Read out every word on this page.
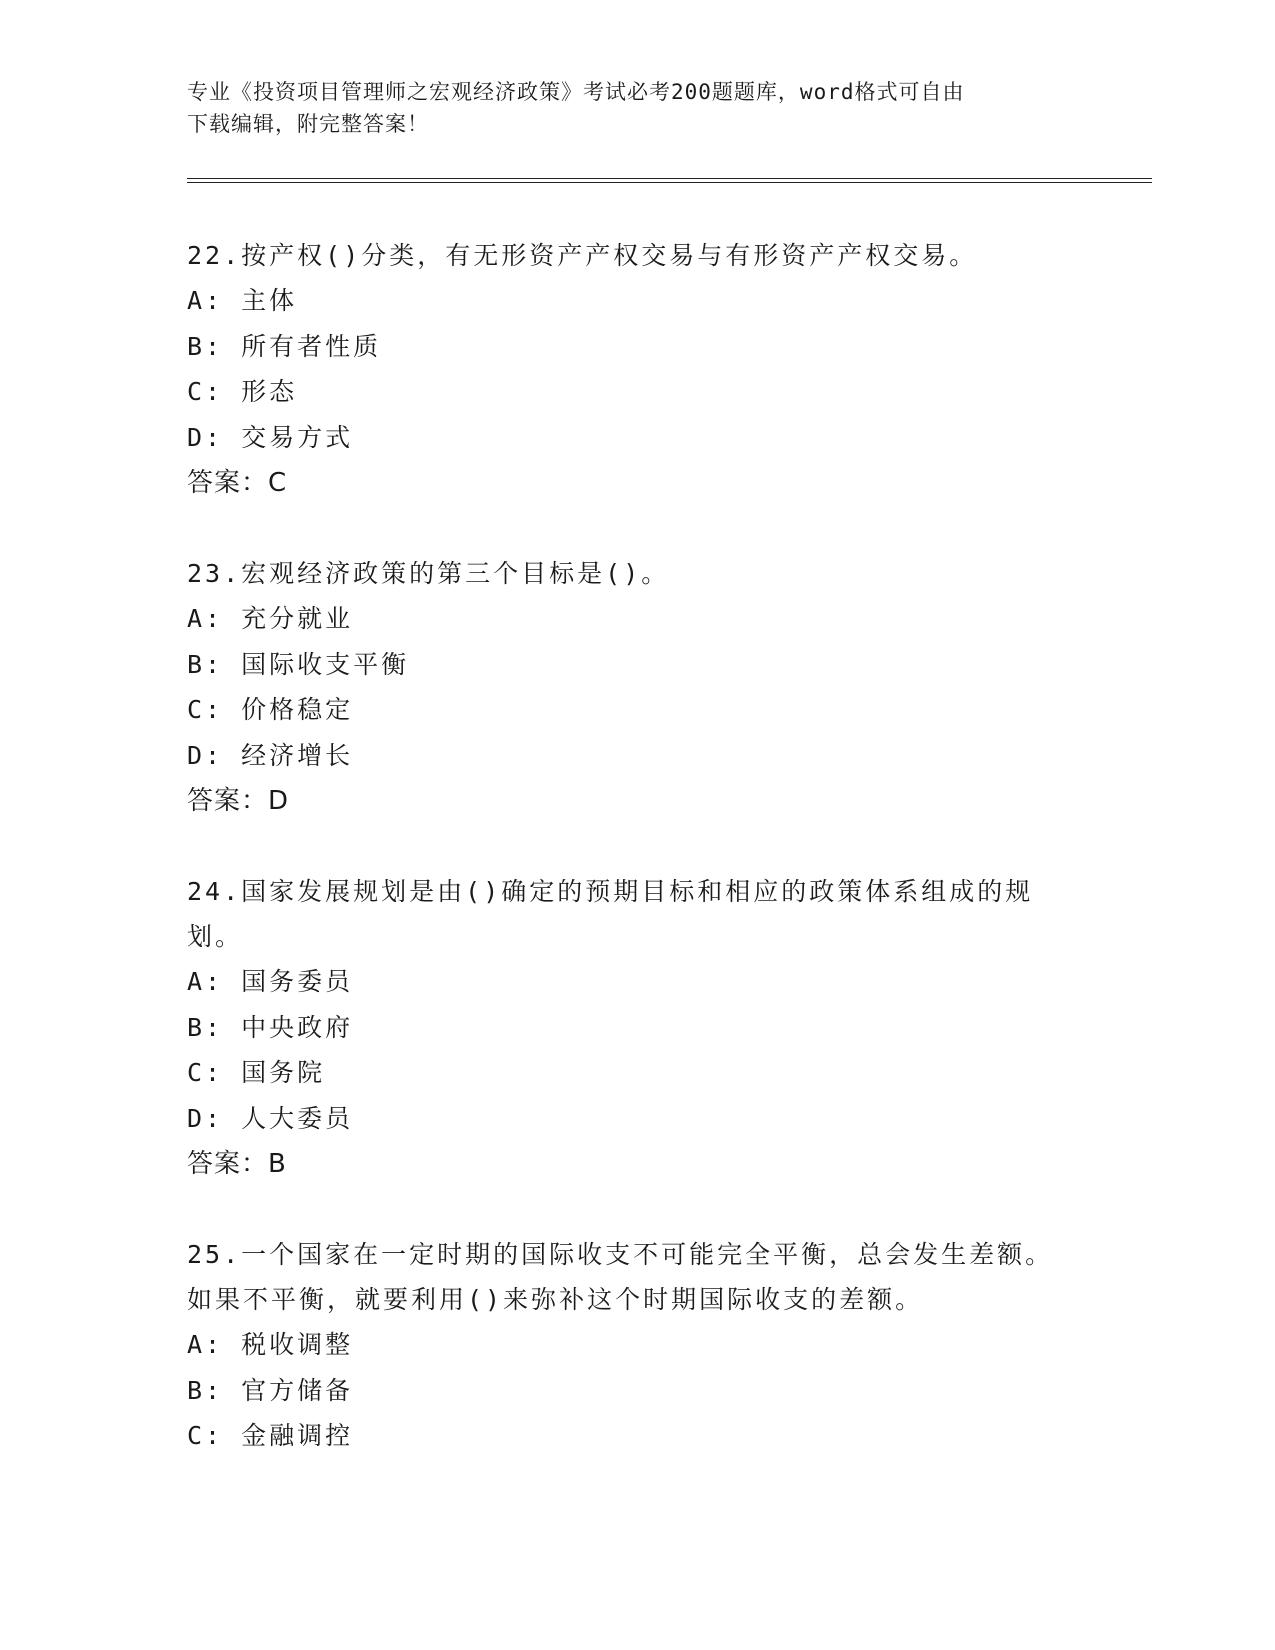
专业《投资项目管理师之宏观经济政策》考试必考200题题库，word格式可自由
下载编辑，附完整答案！

22.按产权()分类，有无形资产产权交易与有形资产产权交易。

A: 主体
B: 所有者性质
C: 形态
D: 交易方式
答案：C

23.宏观经济政策的第三个目标是()。

A: 充分就业
B: 国际收支平衡
C: 价格稳定
D: 经济增长
答案：D

24.国家发展规划是由()确定的预期目标和相应的政策体系组成的规划。

A: 国务委员
B: 中央政府
C: 国务院
D: 人大委员
答案：B

25.一个国家在一定时期的国际收支不可能完全平衡，总会发生差额。如果不平衡，就要利用()来弥补这个时期国际收支的差额。

A: 税收调整
B: 官方储备
C: 金融调控
